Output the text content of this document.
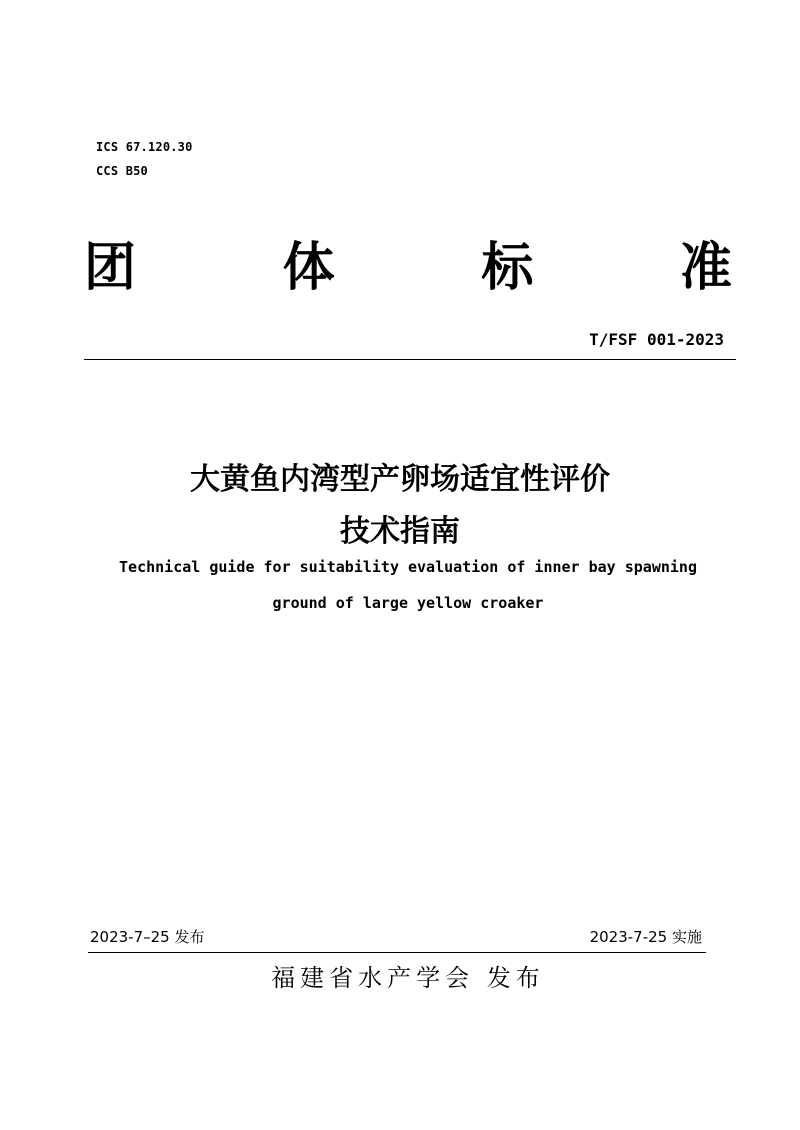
ICS 67.120.30
CCS B50
团	体	标	准
T/FSF 001-2023
大黄鱼内湾型产卵场适宜性评价
技术指南
Technical guide for suitability evaluation of inner bay spawning
ground of large yellow croaker
2023-7–25 发布	2023-7-25 实施
福建省水产学会 发布
